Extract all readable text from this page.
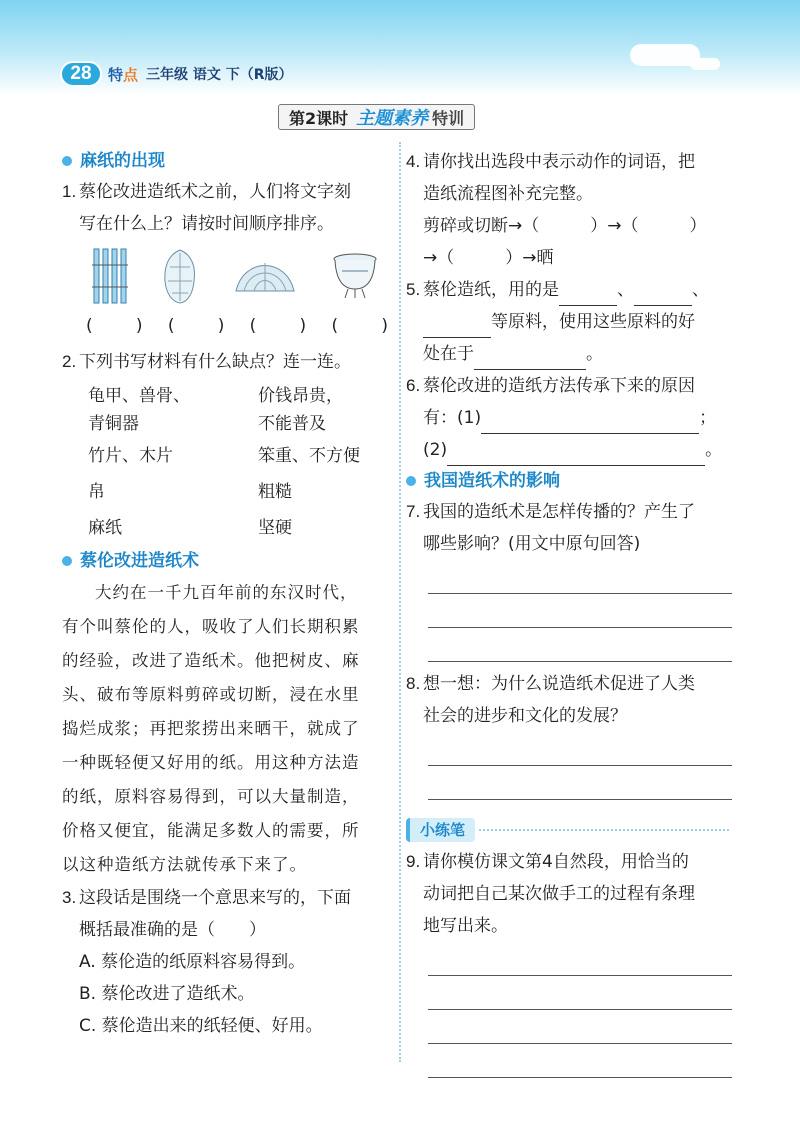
28	特点 三年级 语文 下（R版）
第2课时 主题素养 特训
麻纸的出现
1. 蔡伦改进造纸术之前，人们将文字刻
写在什么上？请按时间顺序排序。
(        ) (        ) (        ) (        )
2. 下列书写材料有什么缺点？连一连。
龟甲、兽骨、
青铜器
价钱昂贵，
不能普及
竹片、木片	笨重、不方便
帛	粗糙
麻纸	坚硬
蔡伦改进造纸术
大约在一千九百年前的东汉时代，
有个叫蔡伦的人，吸收了人们长期积累
的经验，改进了造纸术。他把树皮、麻
头、破布等原料剪碎或切断，浸在水里
捣烂成浆；再把浆捞出来晒干，就成了
一种既轻便又好用的纸。用这种方法造
的纸，原料容易得到，可以大量制造，
价格又便宜，能满足多数人的需要，所
以这种造纸方法就传承下来了。
3. 这段话是围绕一个意思来写的，下面
概括最准确的是（　　）
A. 蔡伦造的纸原料容易得到。
B. 蔡伦改进了造纸术。
C. 蔡伦造出来的纸轻便、好用。
4. 请你找出选段中表示动作的词语，把
造纸流程图补充完整。
剪碎或切断→（　　　）→（　　　）
→（　　　）→晒
5. 蔡伦造纸，用的是	、	、
等原料，使用这些原料的好
处在于	。
6. 蔡伦改进的造纸方法传承下来的原因
有：(1)	；
(2)	。
我国造纸术的影响
7. 我国的造纸术是怎样传播的？产生了
哪些影响？(用文中原句回答)
8. 想一想：为什么说造纸术促进了人类
社会的进步和文化的发展？
小练笔
9. 请你模仿课文第4自然段，用恰当的
动词把自己某次做手工的过程有条理
地写出来。
